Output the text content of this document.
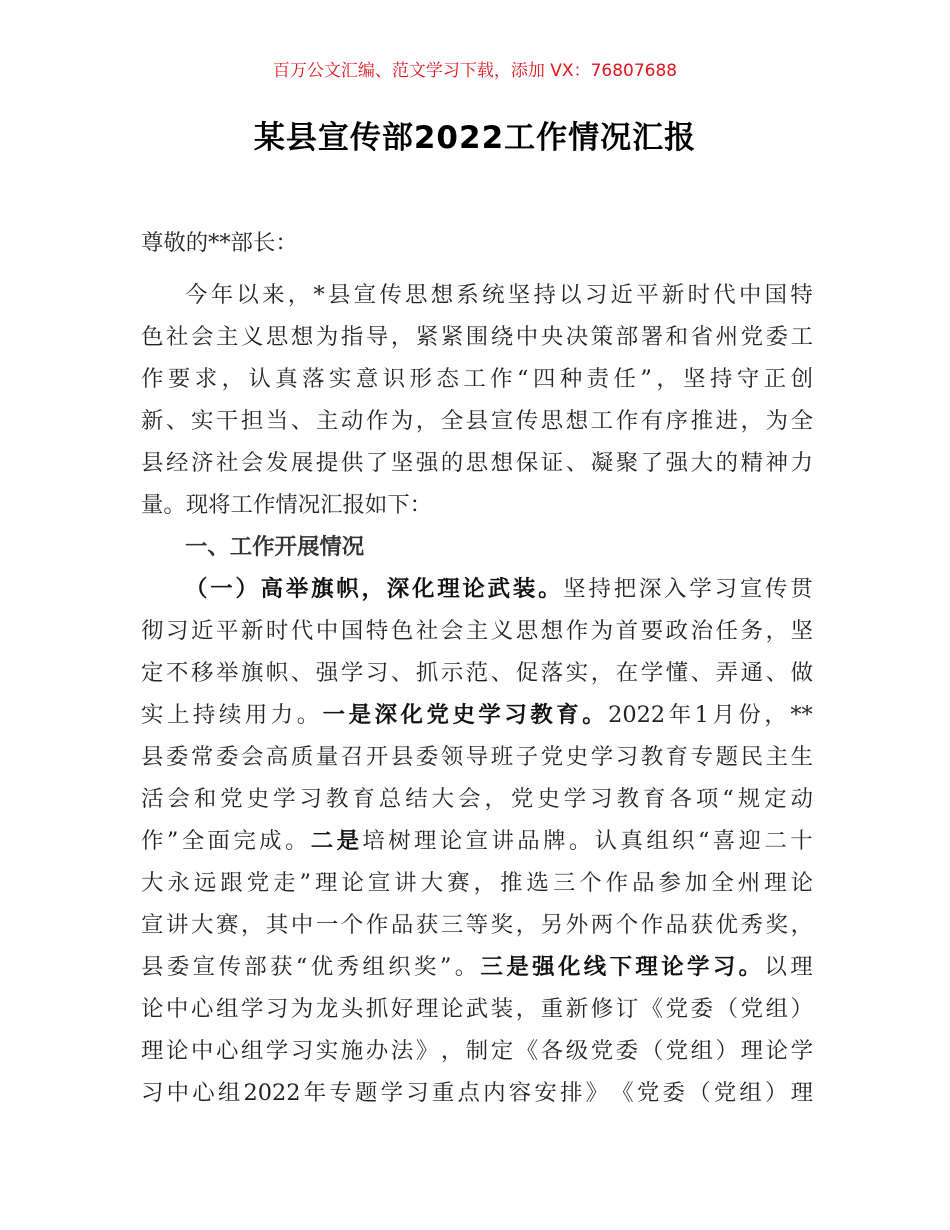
百万公文汇编、范文学习下载，添加 VX：76807688
某县宣传部2022工作情况汇报
尊敬的**部长：
今 年 以 来 ， * 县 宣 传 思 想 系 统 坚 持 以 习 近 平 新 时 代 中 国 特
色 社 会 主 义 思 想 为 指 导 ， 紧 紧 围 绕 中 央 决 策 部 署 和 省 州 党 委 工
作 要 求 ， 认 真 落 实 意 识 形 态 工 作 “ 四 种 责 任 ” ， 坚 持 守 正 创
新 、 实 干 担 当 、 主 动 作 为 ， 全 县 宣 传 思 想 工 作 有 序 推 进 ， 为 全
县 经 济 社 会 发 展 提 供 了 坚 强 的 思 想 保 证 、 凝 聚 了 强 大 的 精 神 力
量。现将工作情况汇报如下：
一、工作开展情况
（ 一 ） 高 举 旗 帜 ， 深 化 理 论 武 装 。 坚 持 把 深 入 学 习 宣 传 贯
彻 习 近 平 新 时 代 中 国 特 色 社 会 主 义 思 想 作 为 首 要 政 治 任 务 ， 坚
定 不 移 举 旗 帜 、 强 学 习 、 抓 示 范 、 促 落 实 ， 在 学 懂 、 弄 通 、 做
实 上 持 续 用 力 。 一 是 深 化 党 史 学 习 教 育 。 2022 年 1 月 份 ， **
县 委 常 委 会 高 质 量 召 开 县 委 领 导 班 子 党 史 学 习 教 育 专 题 民 主 生
活 会 和 党 史 学 习 教 育 总 结 大 会 ， 党 史 学 习 教 育 各 项 “ 规 定 动
作 ” 全 面 完 成 。 二 是 培 树 理 论 宣 讲 品 牌 。 认 真 组 织 “ 喜 迎 二 十
大 永 远 跟 党 走 ” 理 论 宣 讲 大 赛 ， 推 选 三 个 作 品 参 加 全 州 理 论
宣 讲 大 赛 ， 其 中 一 个 作 品 获 三 等 奖 ， 另 外 两 个 作 品 获 优 秀 奖 ，
县 委 宣 传 部 获 “ 优 秀 组 织 奖 ” 。 三 是 强 化 线 下 理 论 学 习 。 以 理
论 中 心 组 学 习 为 龙 头 抓 好 理 论 武 装 ， 重 新 修 订 《 党 委 （ 党 组 ）
理 论 中 心 组 学 习 实 施 办 法 》 ， 制 定 《 各 级 党 委 （ 党 组 ） 理 论 学
习 中 心 组 2022 年 专 题 学 习 重 点 内 容 安 排 》 《 党 委 （ 党 组 ） 理
